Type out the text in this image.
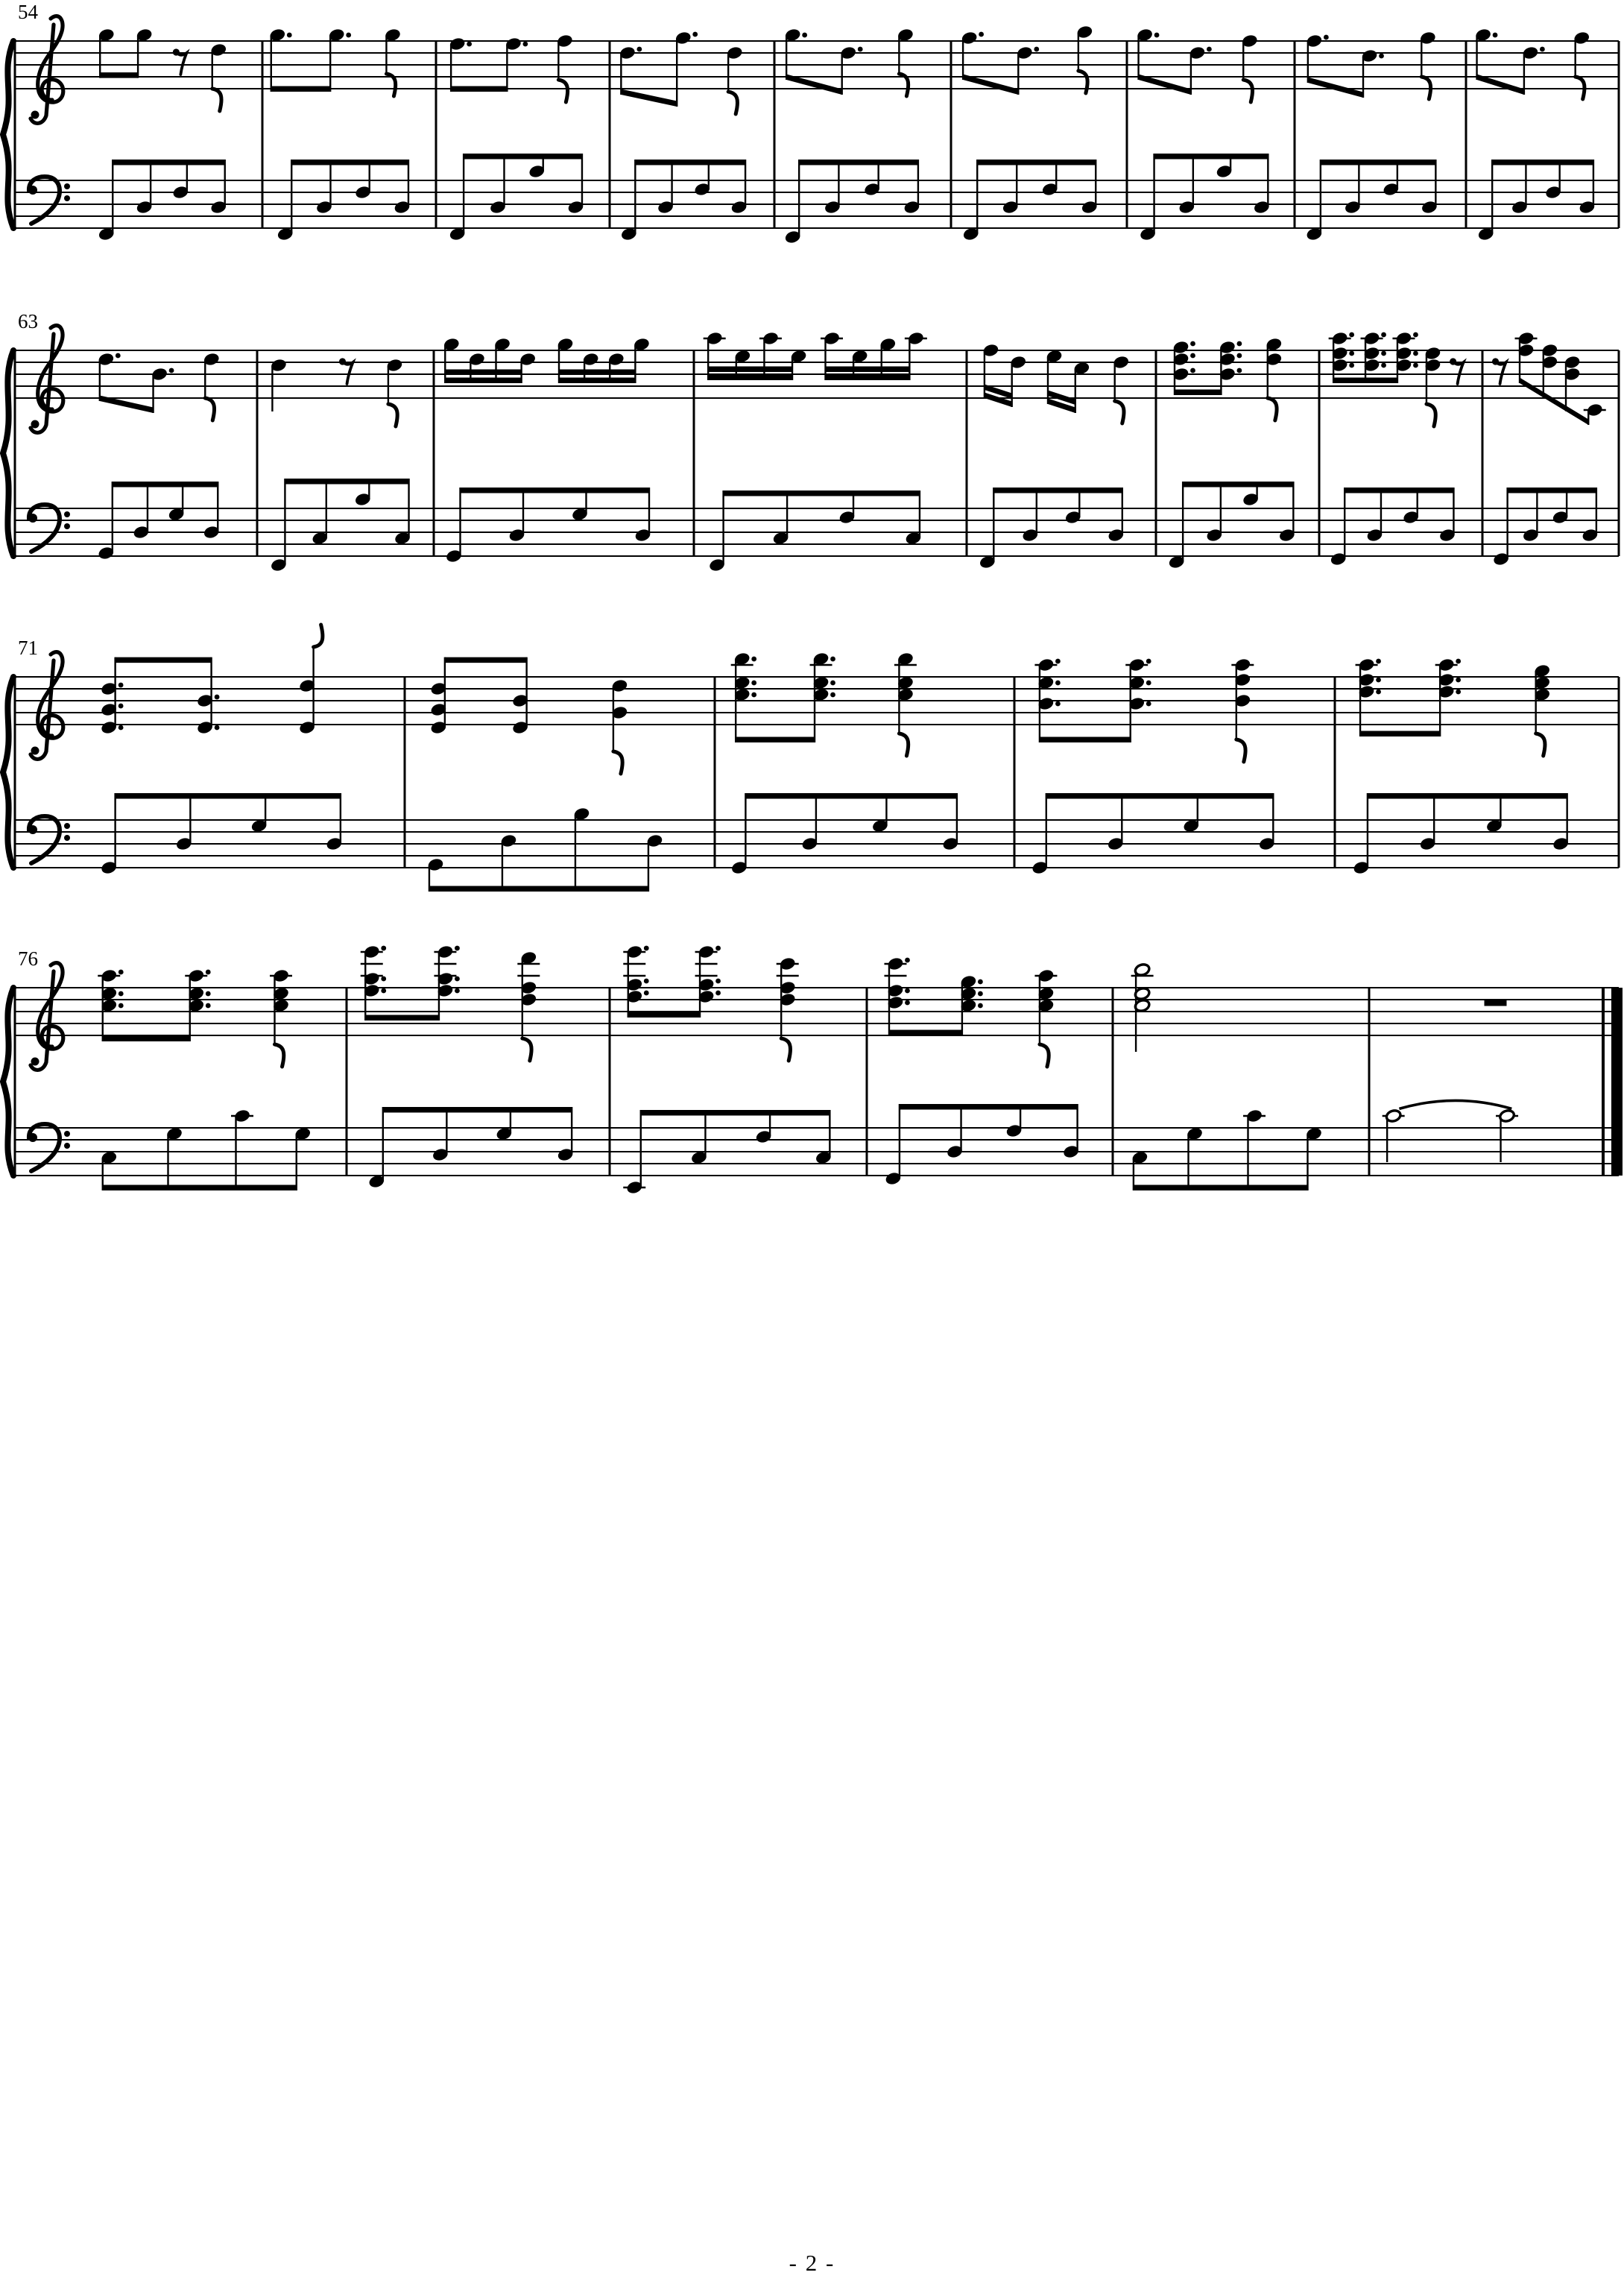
54
63
71
76
- 2 -
